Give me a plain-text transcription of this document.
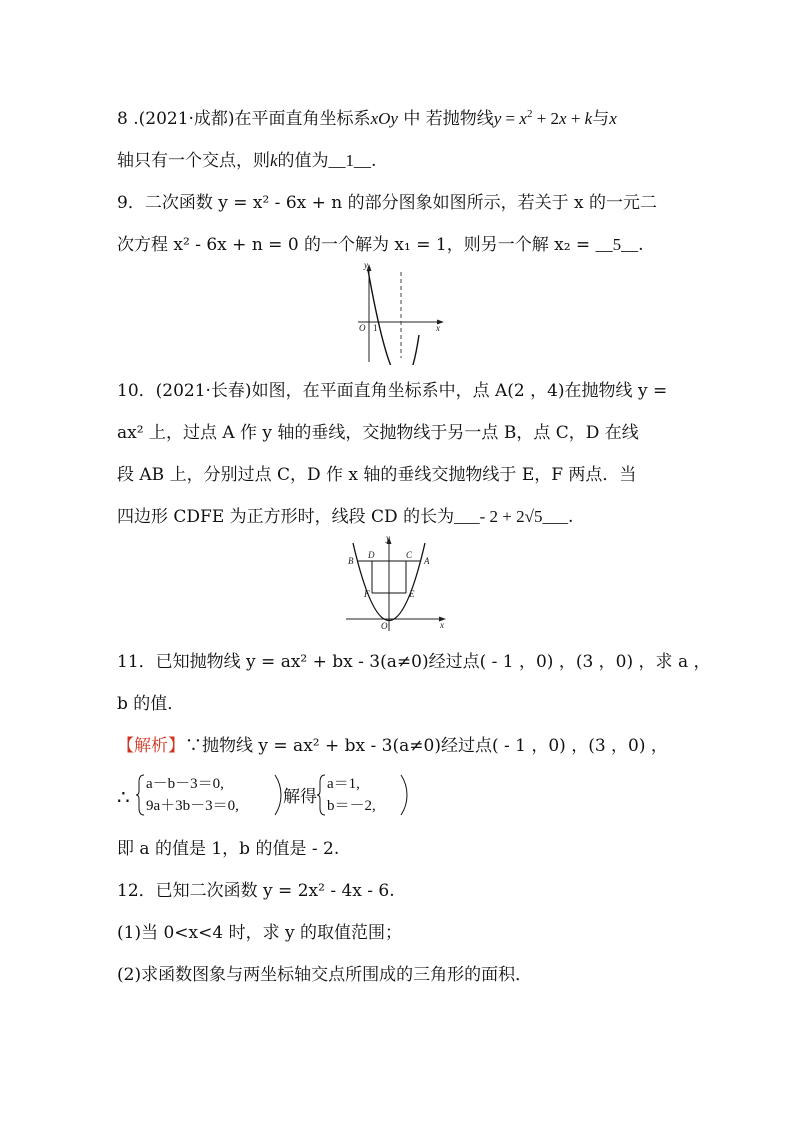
8 .(2021·成都)在平面直角坐标系xOy 中 若抛物线$y = x^2 + 2x + k$与x
轴只有一个交点，则k的值为__1__.
9．二次函数 y = x² - 6x + n 的部分图象如图所示，若关于 x 的一元二
次方程 x² - 6x + n = 0 的一个解为 x₁ = 1，则另一个解 x₂ = __5__.
y
x
O 1
10．(2021·长春)如图，在平面直角坐标系中，点 A(2 ，4)在抛物线 y =
ax² 上，过点 A 作 y 轴的垂线，交抛物线于另一点 B，点 C，D 在线
段 AB 上，分别过点 C，D 作 x 轴的垂线交抛物线于 E，F 两点．当
四边形 CDFE 为正方形时，线段 CD 的长为___- 2 + 2√5___.
y
x
O
A
B
C
D
E
F
11．已知抛物线 y = ax² + bx - 3(a≠0)经过点( - 1 ，0) ，(3 ，0) ，求 a ，
b 的值．
【解析】∵抛物线 y = ax² + bx - 3(a≠0)经过点( - 1 ，0) ，(3 ，0) ，
∴
a－b－3＝0,
9a＋3b－3＝0,	解得
a＝1,
b＝－2,
即 a 的值是 1，b 的值是 - 2.
12．已知二次函数 y = 2x² - 4x - 6.
(1)当 0<x<4 时，求 y 的取值范围；
(2)求函数图象与两坐标轴交点所围成的三角形的面积．
